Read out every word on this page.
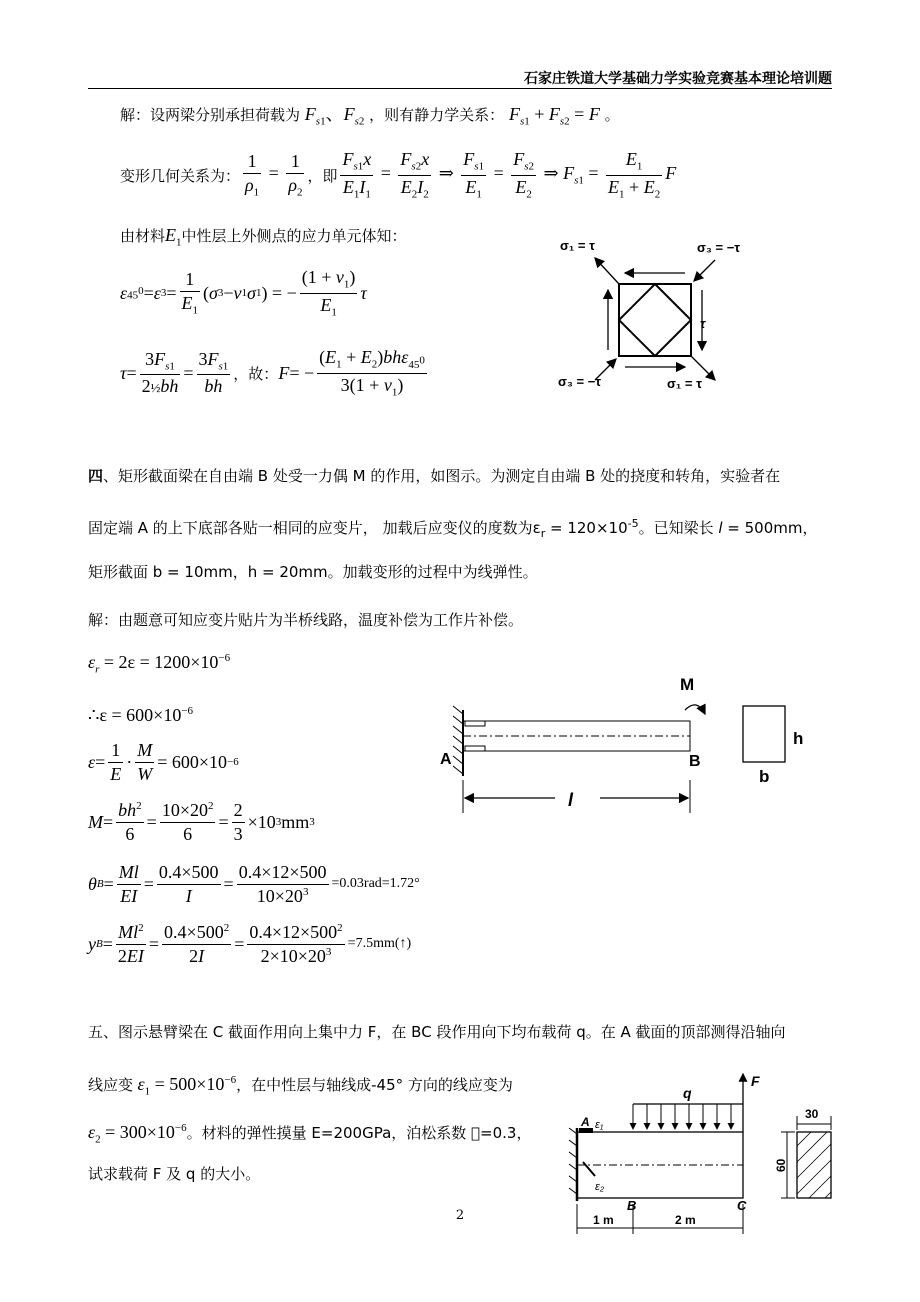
石家庄铁道大学基础力学实验竞赛基本理论培训题
解：设两梁分别承担荷载为 $F_{s1}$、$F_{s2}$ ，则有静力学关系： $F_{s1} + F_{s2} = F$ 。
变形几何关系为： $\frac{1}{\rho_1} = \frac{1}{\rho_2}$ ，即 $\frac{F_{s1}x}{E_1I_1} = \frac{F_{s2}x}{E_2I_2}$ ⇒ $\frac{F_{s1}}{E_1} = \frac{F_{s2}}{E_2}$ ⇒ $F_{s1} = \frac{E_1}{E_1 + E_2}$ F
由材料$E_1$中性层上外侧点的应力单元体知：
ε $45^0 = \varepsilon$ $3 = \frac{1}{E_1}$ ( σ 3 − ν 1 σ 1 ) = − $\frac{(1 + \nu_1)}{E_1}$ τ
$\tau = \frac{3F_{s1}}{\text{2½bh}} = \frac{3F_{s1}}{bh}$ ，故： F = − $\frac{(E_1 + E_2)bh\varepsilon_{45^0}}{3(1 + \nu_1)}$
σ₁ = τ	σ₃ = −τ
τ
σ₃ = −τ	σ₁ = τ
四、矩形截面梁在自由端 B 处受一力偶 M 的作用，如图示。为测定自由端 B 处的挠度和转角，实验者在
固定端 A 的上下底部各贴一相同的应变片， 加载后应变仪的度数为$\varepsilon_r = 120\times 10^{-5}$。已知梁长 l = 500mm，
矩形截面 b = 10mm，h = 20mm。加载变形的过程中为线弹性。
解：由题意可知应变片贴片为半桥线路，温度补偿为工作片补偿。
$\varepsilon_r = 2\varepsilon = 1200\times 10^{-6}$
∴ε = $600\times 10^{-6}$
$\varepsilon = \frac{1}{E} \cdot \frac{M}{W} = 600\times 10 -6$
$M = \frac{bh^2}{6} = \frac{10\times 20^2}{6} = \frac{2}{3} \times 10$ 3 mm 3
θ $B = \frac{Ml}{EI} = \frac{0.4\times 500}{I} = \frac{0.4\times 12\times 500}{10\times 20^3} =0.03rad=1.72^\circ$
y $B = \frac{Ml^2}{2EI} = \frac{0.4\times 500^2}{2I} = \frac{0.4\times 12\times 500^2}{2\times 10\times 20^3}$ =7.5mm(↑)
M
A	B
l
h
b
五、图示悬臂梁在 C 截面作用向上集中力 F，在 BC 段作用向下均布载荷 q。在 A 截面的顶部测得沿轴向
线应变 $\varepsilon_1 = 500\times 10^{-6}$，在中性层与轴线成-45° 方向的线应变为
$\varepsilon_2 = 300\times 10^{-6}$。材料的弹性摸量 E=200GPa，泊松系数  =0.3，
试求载荷 F 及 q 的大小。
F
q
A ε₁
ε₂
B	C
1 m	2 m
30
60
2
